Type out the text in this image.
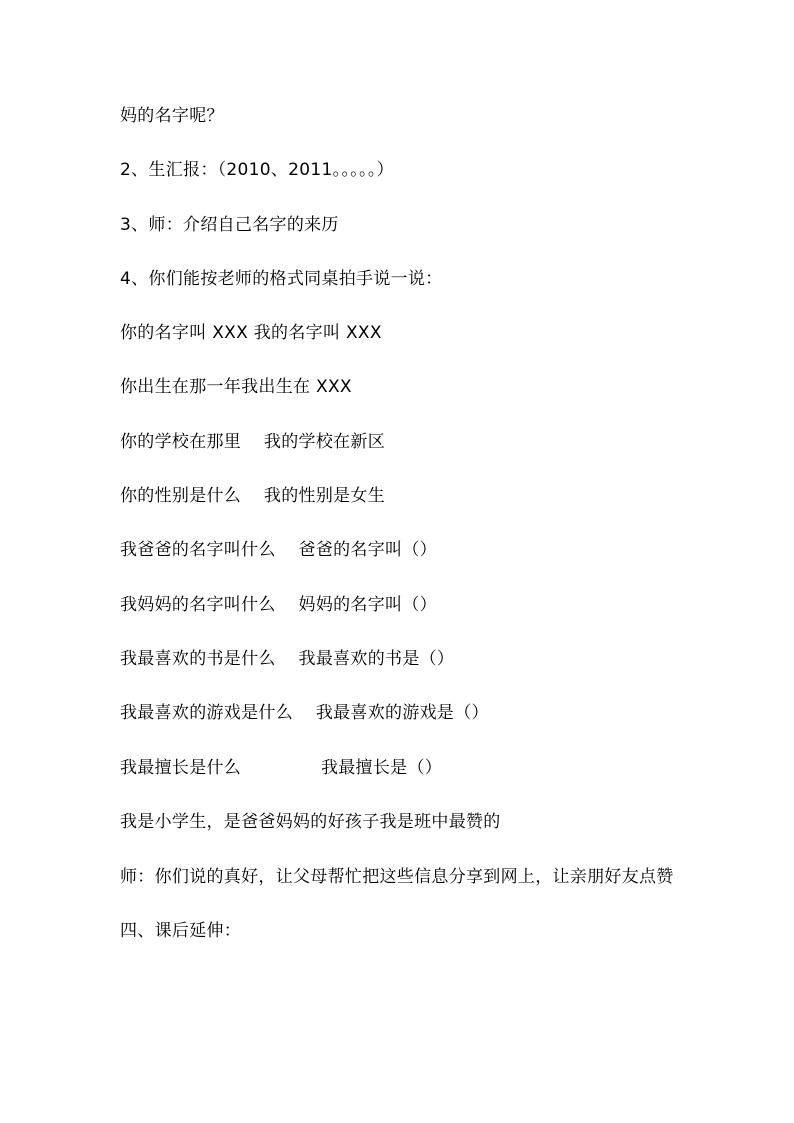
妈的名字呢？
2、生汇报：（2010、2011。。。。。）
3、师：介绍自己名字的来历
4、你们能按老师的格式同桌拍手说一说：
你的名字叫 XXX 我的名字叫 XXX
你出生在那一年我出生在 XXX
你的学校在那里    我的学校在新区
你的性别是什么    我的性别是女生
我爸爸的名字叫什么    爸爸的名字叫（）
我妈妈的名字叫什么    妈妈的名字叫（）
我最喜欢的书是什么    我最喜欢的书是（）
我最喜欢的游戏是什么    我最喜欢的游戏是（）
我最擅长是什么              我最擅长是（）
我是小学生，是爸爸妈妈的好孩子我是班中最赞的
师：你们说的真好，让父母帮忙把这些信息分享到网上，让亲朋好友点赞
四、课后延伸：
